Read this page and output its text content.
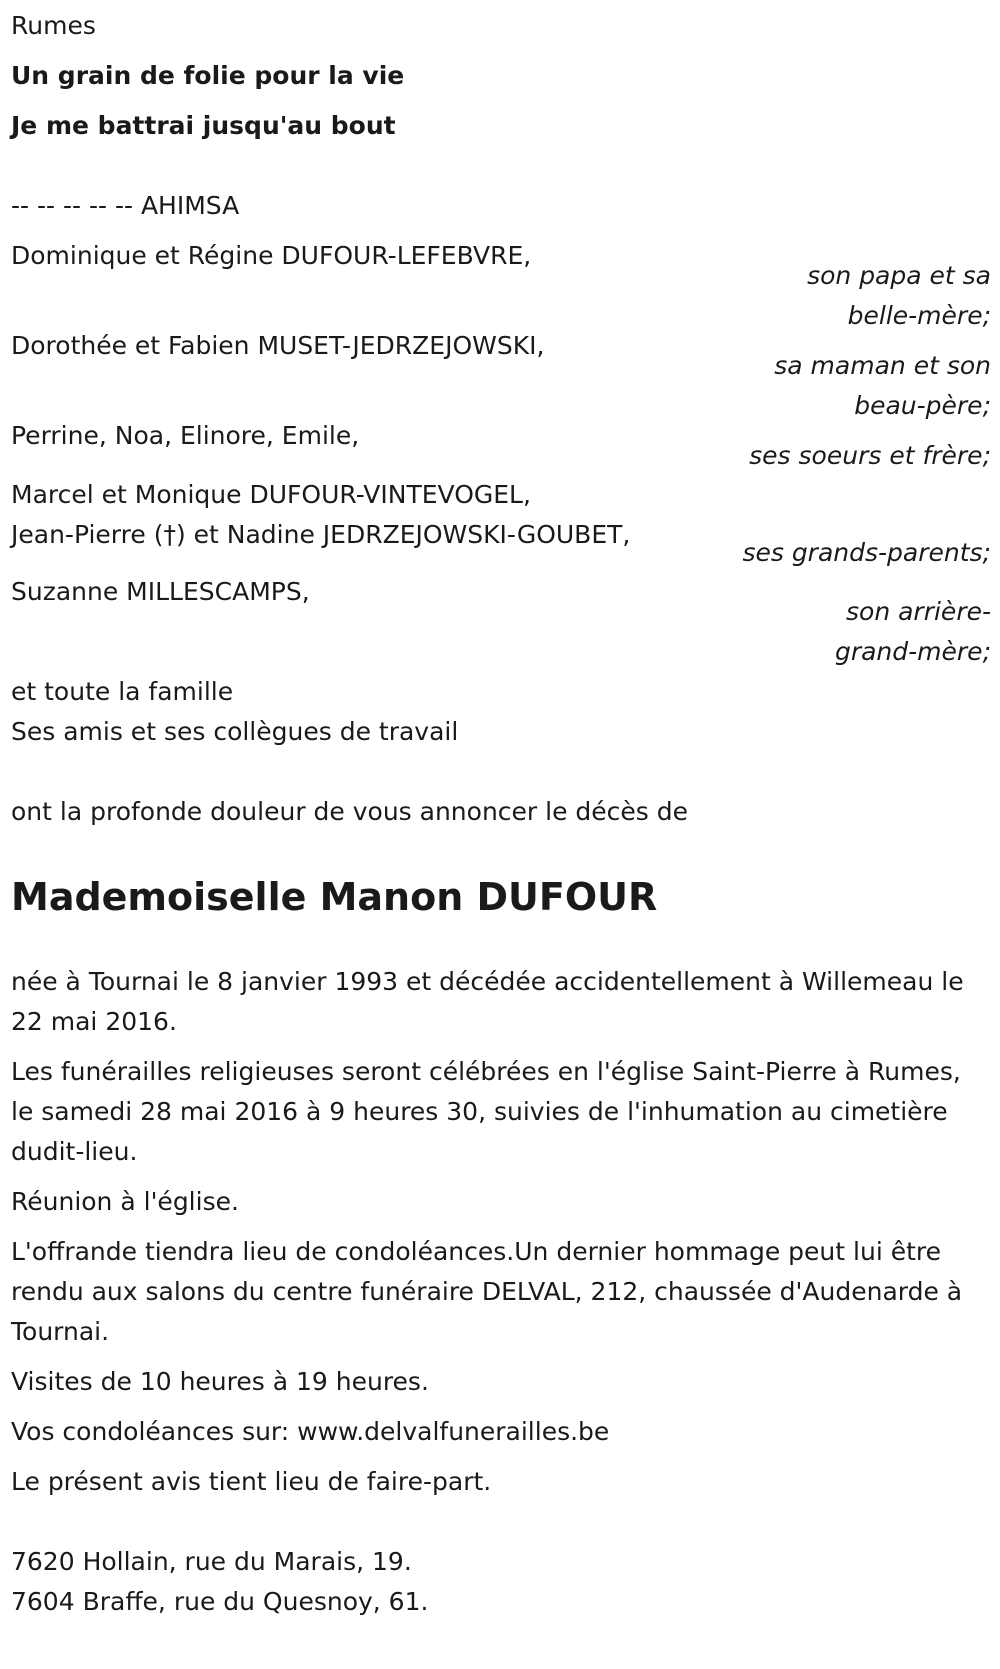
Rumes

Un grain de folie pour la vie

Je me battrai jusqu'au bout

-- -- -- -- -- AHIMSA

Dominique et Régine DUFOUR-LEFEBVRE,

son papa et sa
belle-mère;

Dorothée et Fabien MUSET-JEDRZEJOWSKI,

sa maman et son
beau-père;

Perrine, Noa, Elinore, Emile,

ses soeurs et frère;

Marcel et Monique DUFOUR-VINTEVOGEL,

Jean-Pierre (†) et Nadine JEDRZEJOWSKI-GOUBET,

ses grands-parents;

Suzanne MILLESCAMPS,

son arrière-
grand-mère;

et toute la famille

Ses amis et ses collègues de travail

ont la profonde douleur de vous annoncer le décès de

Mademoiselle Manon DUFOUR

née à Tournai le 8 janvier 1993 et décédée accidentellement à Willemeau le 22 mai 2016.

Les funérailles religieuses seront célébrées en l'église Saint-Pierre à Rumes, le samedi 28 mai 2016 à 9 heures 30, suivies de l'inhumation au cimetière dudit-lieu.

Réunion à l'église.

L'offrande tiendra lieu de condoléances.Un dernier hommage peut lui être rendu aux salons du centre funéraire DELVAL, 212, chaussée d'Audenarde à Tournai.

Visites de 10 heures à 19 heures.

Vos condoléances sur: www.delvalfunerailles.be

Le présent avis tient lieu de faire-part.

7620 Hollain, rue du Marais, 19.

7604 Braffe, rue du Quesnoy, 61.
